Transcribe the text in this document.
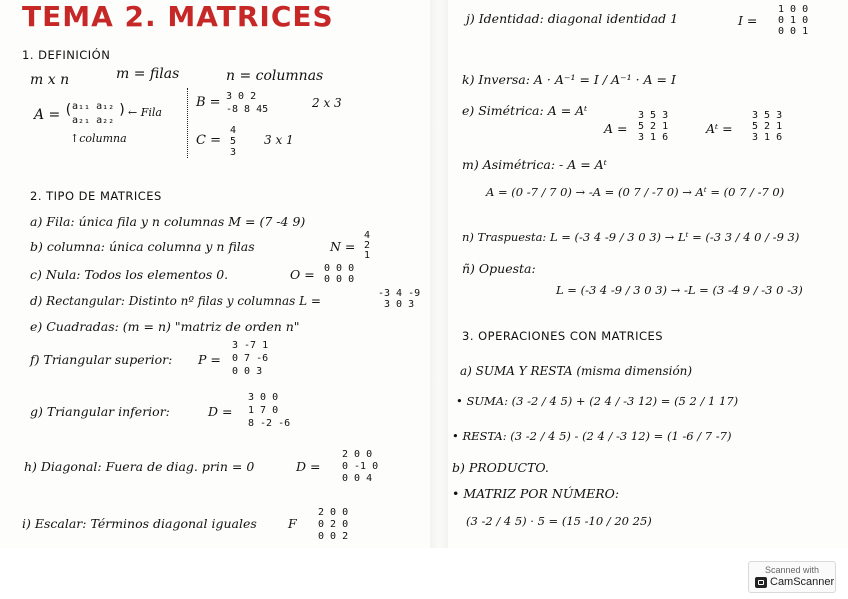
TEMA 2. MATRICES
1. DEFINICIÓN
m x n	m = filas	n = columnas
A = ( a₁₁ a₁₂
a₂₁ a₂₂
) ← Fila
↑columna
B = 3 0 2
-8 8 45	2 x 3
C =
4
5
3
3 x 1
2. TIPO DE MATRICES
a) Fila: única fila y n columnas M = (7 -4 9)
b) columna: única columna y n filas	N =
4
2
1
c) Nula: Todos los elementos 0.	O = 0 0 0
0 0 0
d) Rectangular: Distinto nº filas y columnas L =
-3 4 -9
3 0 3
e) Cuadradas: (m = n) "matriz de orden n"
f) Triangular superior: P =
3 -7 1
0 7 -6
0 0 3
g) Triangular inferior:	D =
3 0 0
1 7 0
8 -2 -6
h) Diagonal: Fuera de diag. prin = 0	D =
2 0 0
0 -1 0
0 0 4
i) Escalar: Términos diagonal iguales F
2 0 0
0 2 0
0 0 2
j) Identidad: diagonal identidad 1	I =
1 0 0
0 1 0
0 0 1
k) Inversa: A · A⁻¹ = I / A⁻¹ · A = I
e) Simétrica: A = Aᵗ
A =
3 5 3
5 2 1
3 1 6
Aᵗ =
3 5 3
5 2 1
3 1 6
m) Asimétrica: - A = Aᵗ
A = (0 -7 / 7 0) → -A = (0 7 / -7 0) → Aᵗ = (0 7 / -7 0)
n) Traspuesta: L = (-3 4 -9 / 3 0 3) → Lᵗ = (-3 3 / 4 0 / -9 3)
ñ) Opuesta:
L = (-3 4 -9 / 3 0 3) → -L = (3 -4 9 / -3 0 -3)
3. OPERACIONES CON MATRICES
a) SUMA Y RESTA (misma dimensión)
• SUMA: (3 -2 / 4 5) + (2 4 / -3 12) = (5 2 / 1 17)
• RESTA: (3 -2 / 4 5) - (2 4 / -3 12) = (1 -6 / 7 -7)
b) PRODUCTO.
• MATRIZ POR NÚMERO:
(3 -2 / 4 5) · 5 = (15 -10 / 20 25)
Scanned with
CamScanner
